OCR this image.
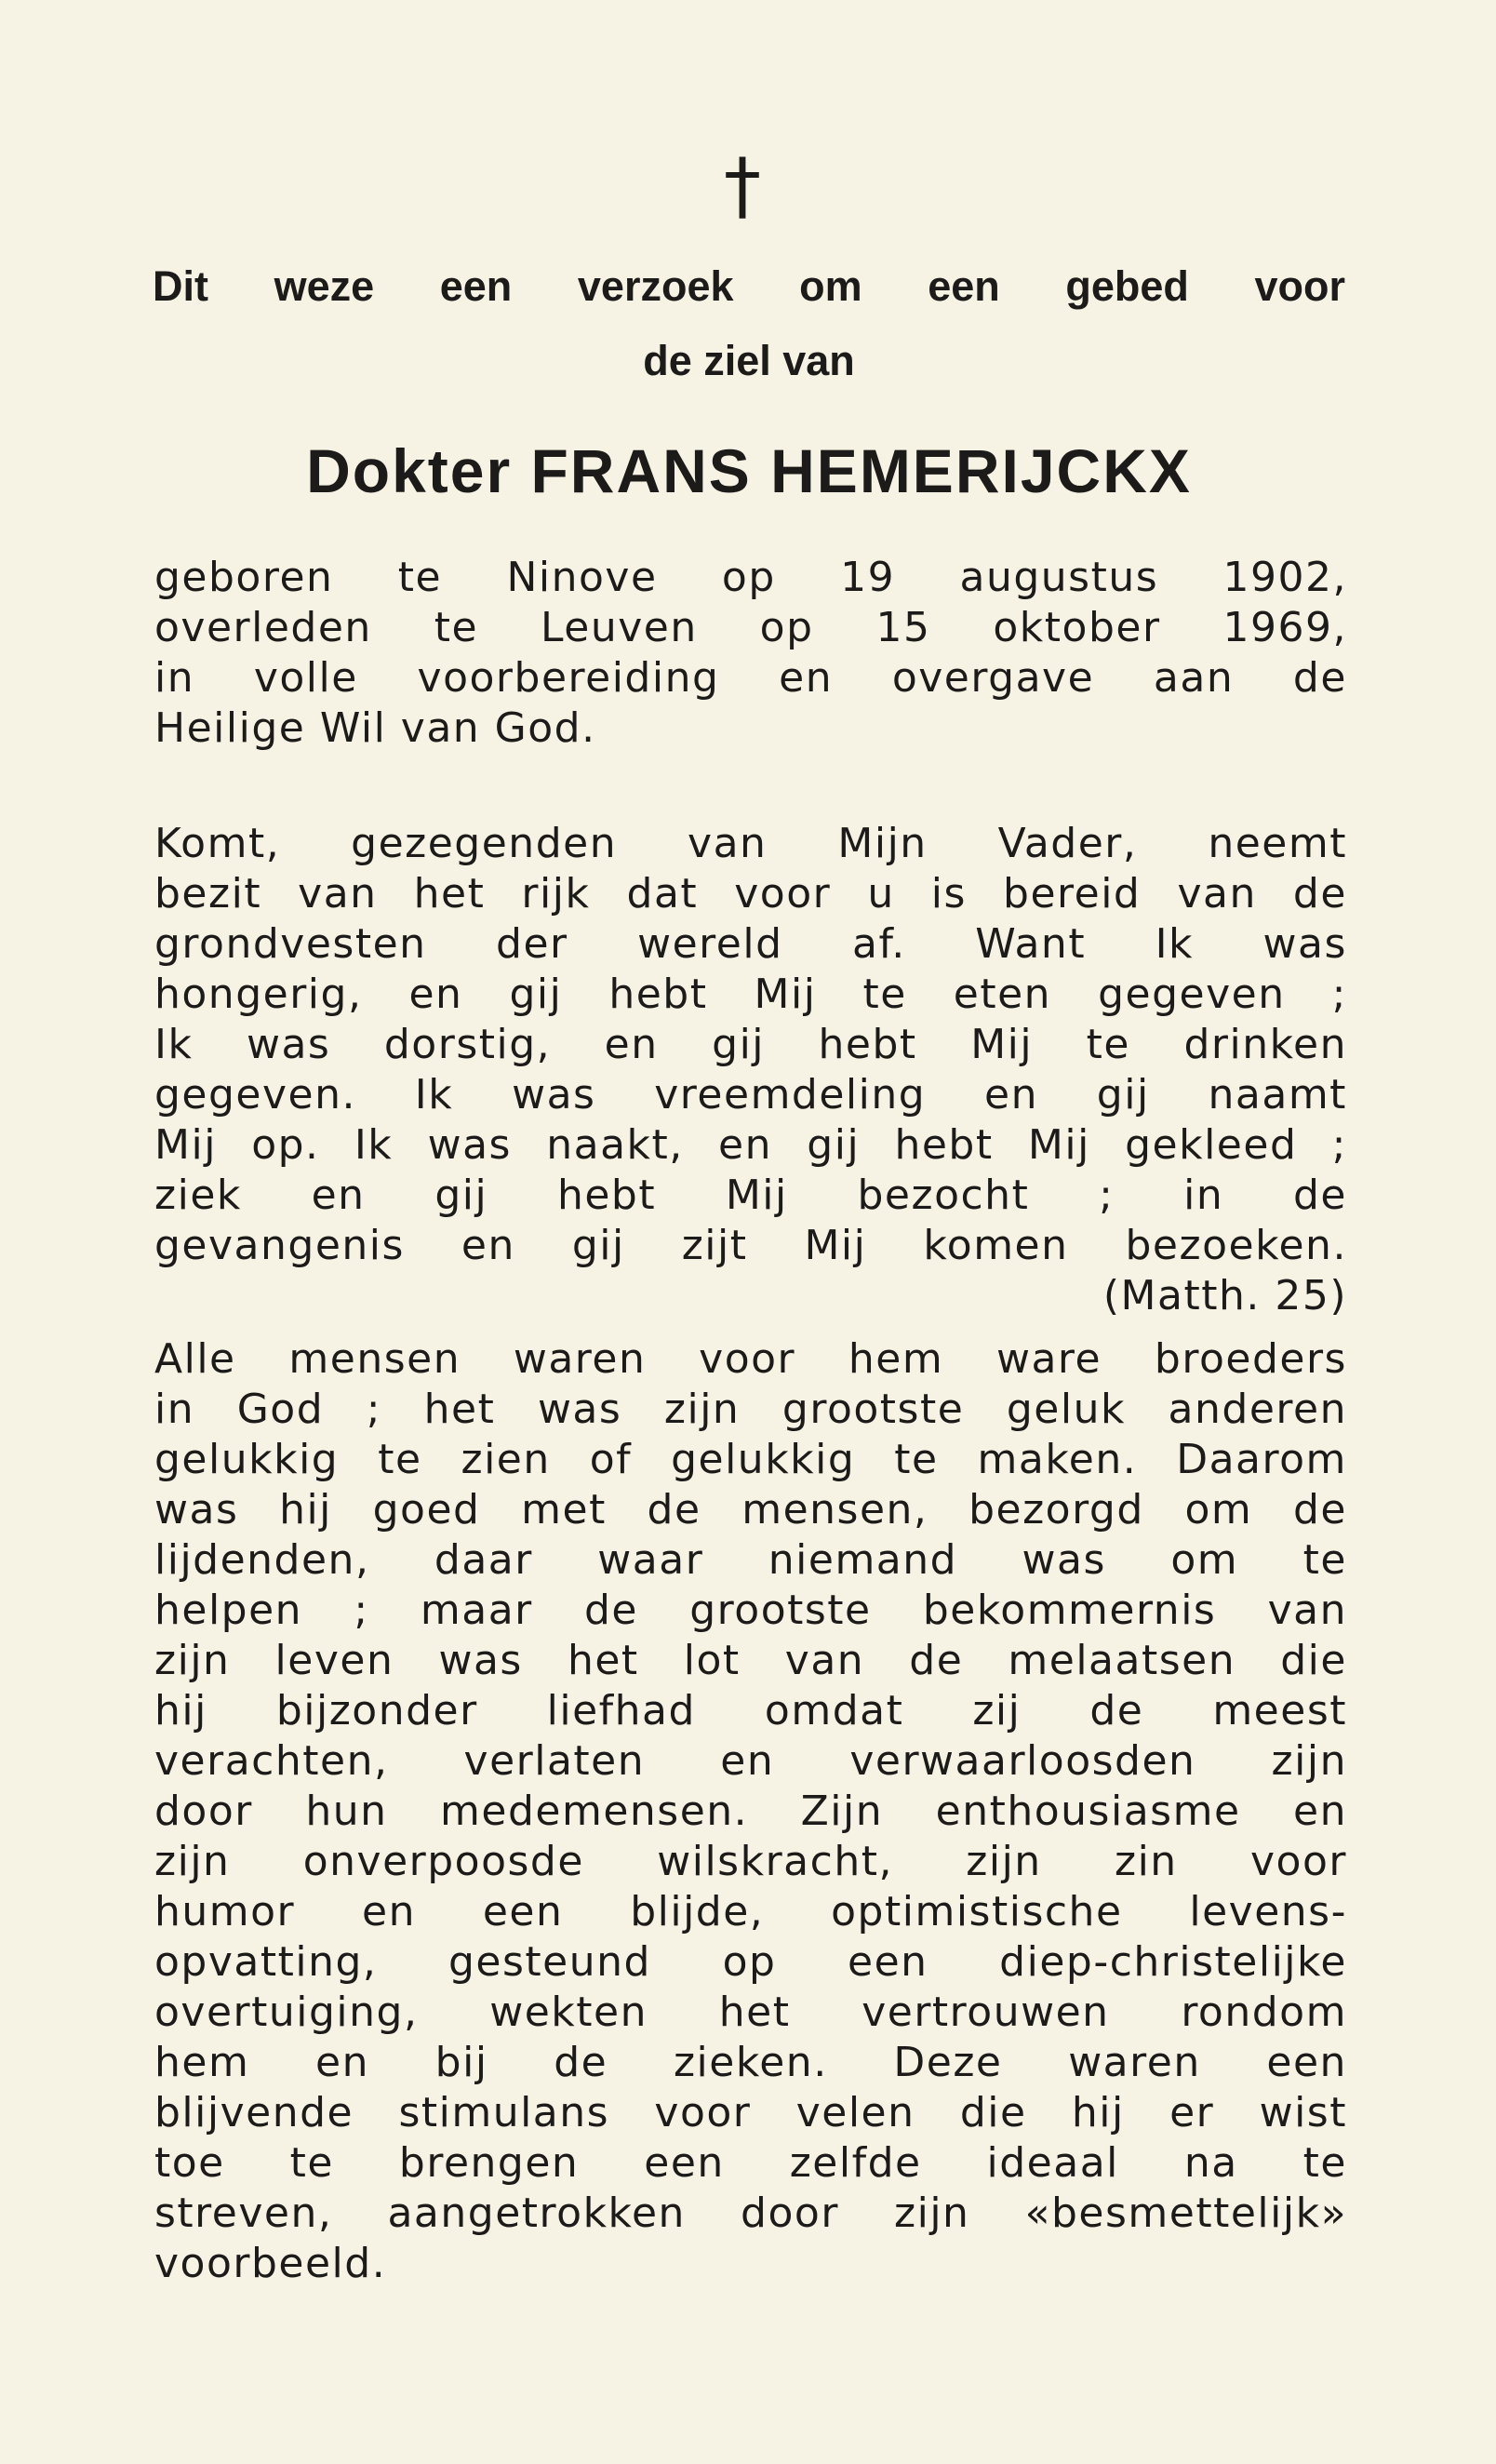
†
Dit weze een verzoek om een gebed voor
de ziel van
Dokter FRANS HEMERIJCKX
geboren te Ninove op 19 augustus 1902,
overleden te Leuven op 15 oktober 1969,
in volle voorbereiding en overgave aan de
Heilige Wil van God.
Komt, gezegenden van Mijn Vader, neemt
bezit van het rijk dat voor u is bereid van de
grondvesten der wereld af. Want Ik was
hongerig, en gij hebt Mij te eten gegeven ;
Ik was dorstig, en gij hebt Mij te drinken
gegeven. Ik was vreemdeling en gij naamt
Mij op. Ik was naakt, en gij hebt Mij gekleed ;
ziek en gij hebt Mij bezocht ; in de
gevangenis en gij zijt Mij komen bezoeken.
(Matth. 25)
Alle mensen waren voor hem ware broeders
in God ; het was zijn grootste geluk anderen
gelukkig te zien of gelukkig te maken. Daarom
was hij goed met de mensen, bezorgd om de
lijdenden, daar waar niemand was om te
helpen ; maar de grootste bekommernis van
zijn leven was het lot van de melaatsen die
hij bijzonder liefhad omdat zij de meest
verachten, verlaten en verwaarloosden zijn
door hun medemensen. Zijn enthousiasme en
zijn onverpoosde wilskracht, zijn zin voor
humor en een blijde, optimistische levens-
opvatting, gesteund op een diep-christelijke
overtuiging, wekten het vertrouwen rondom
hem en bij de zieken. Deze waren een
blijvende stimulans voor velen die hij er wist
toe te brengen een zelfde ideaal na te
streven, aangetrokken door zijn «besmettelijk»
voorbeeld.
